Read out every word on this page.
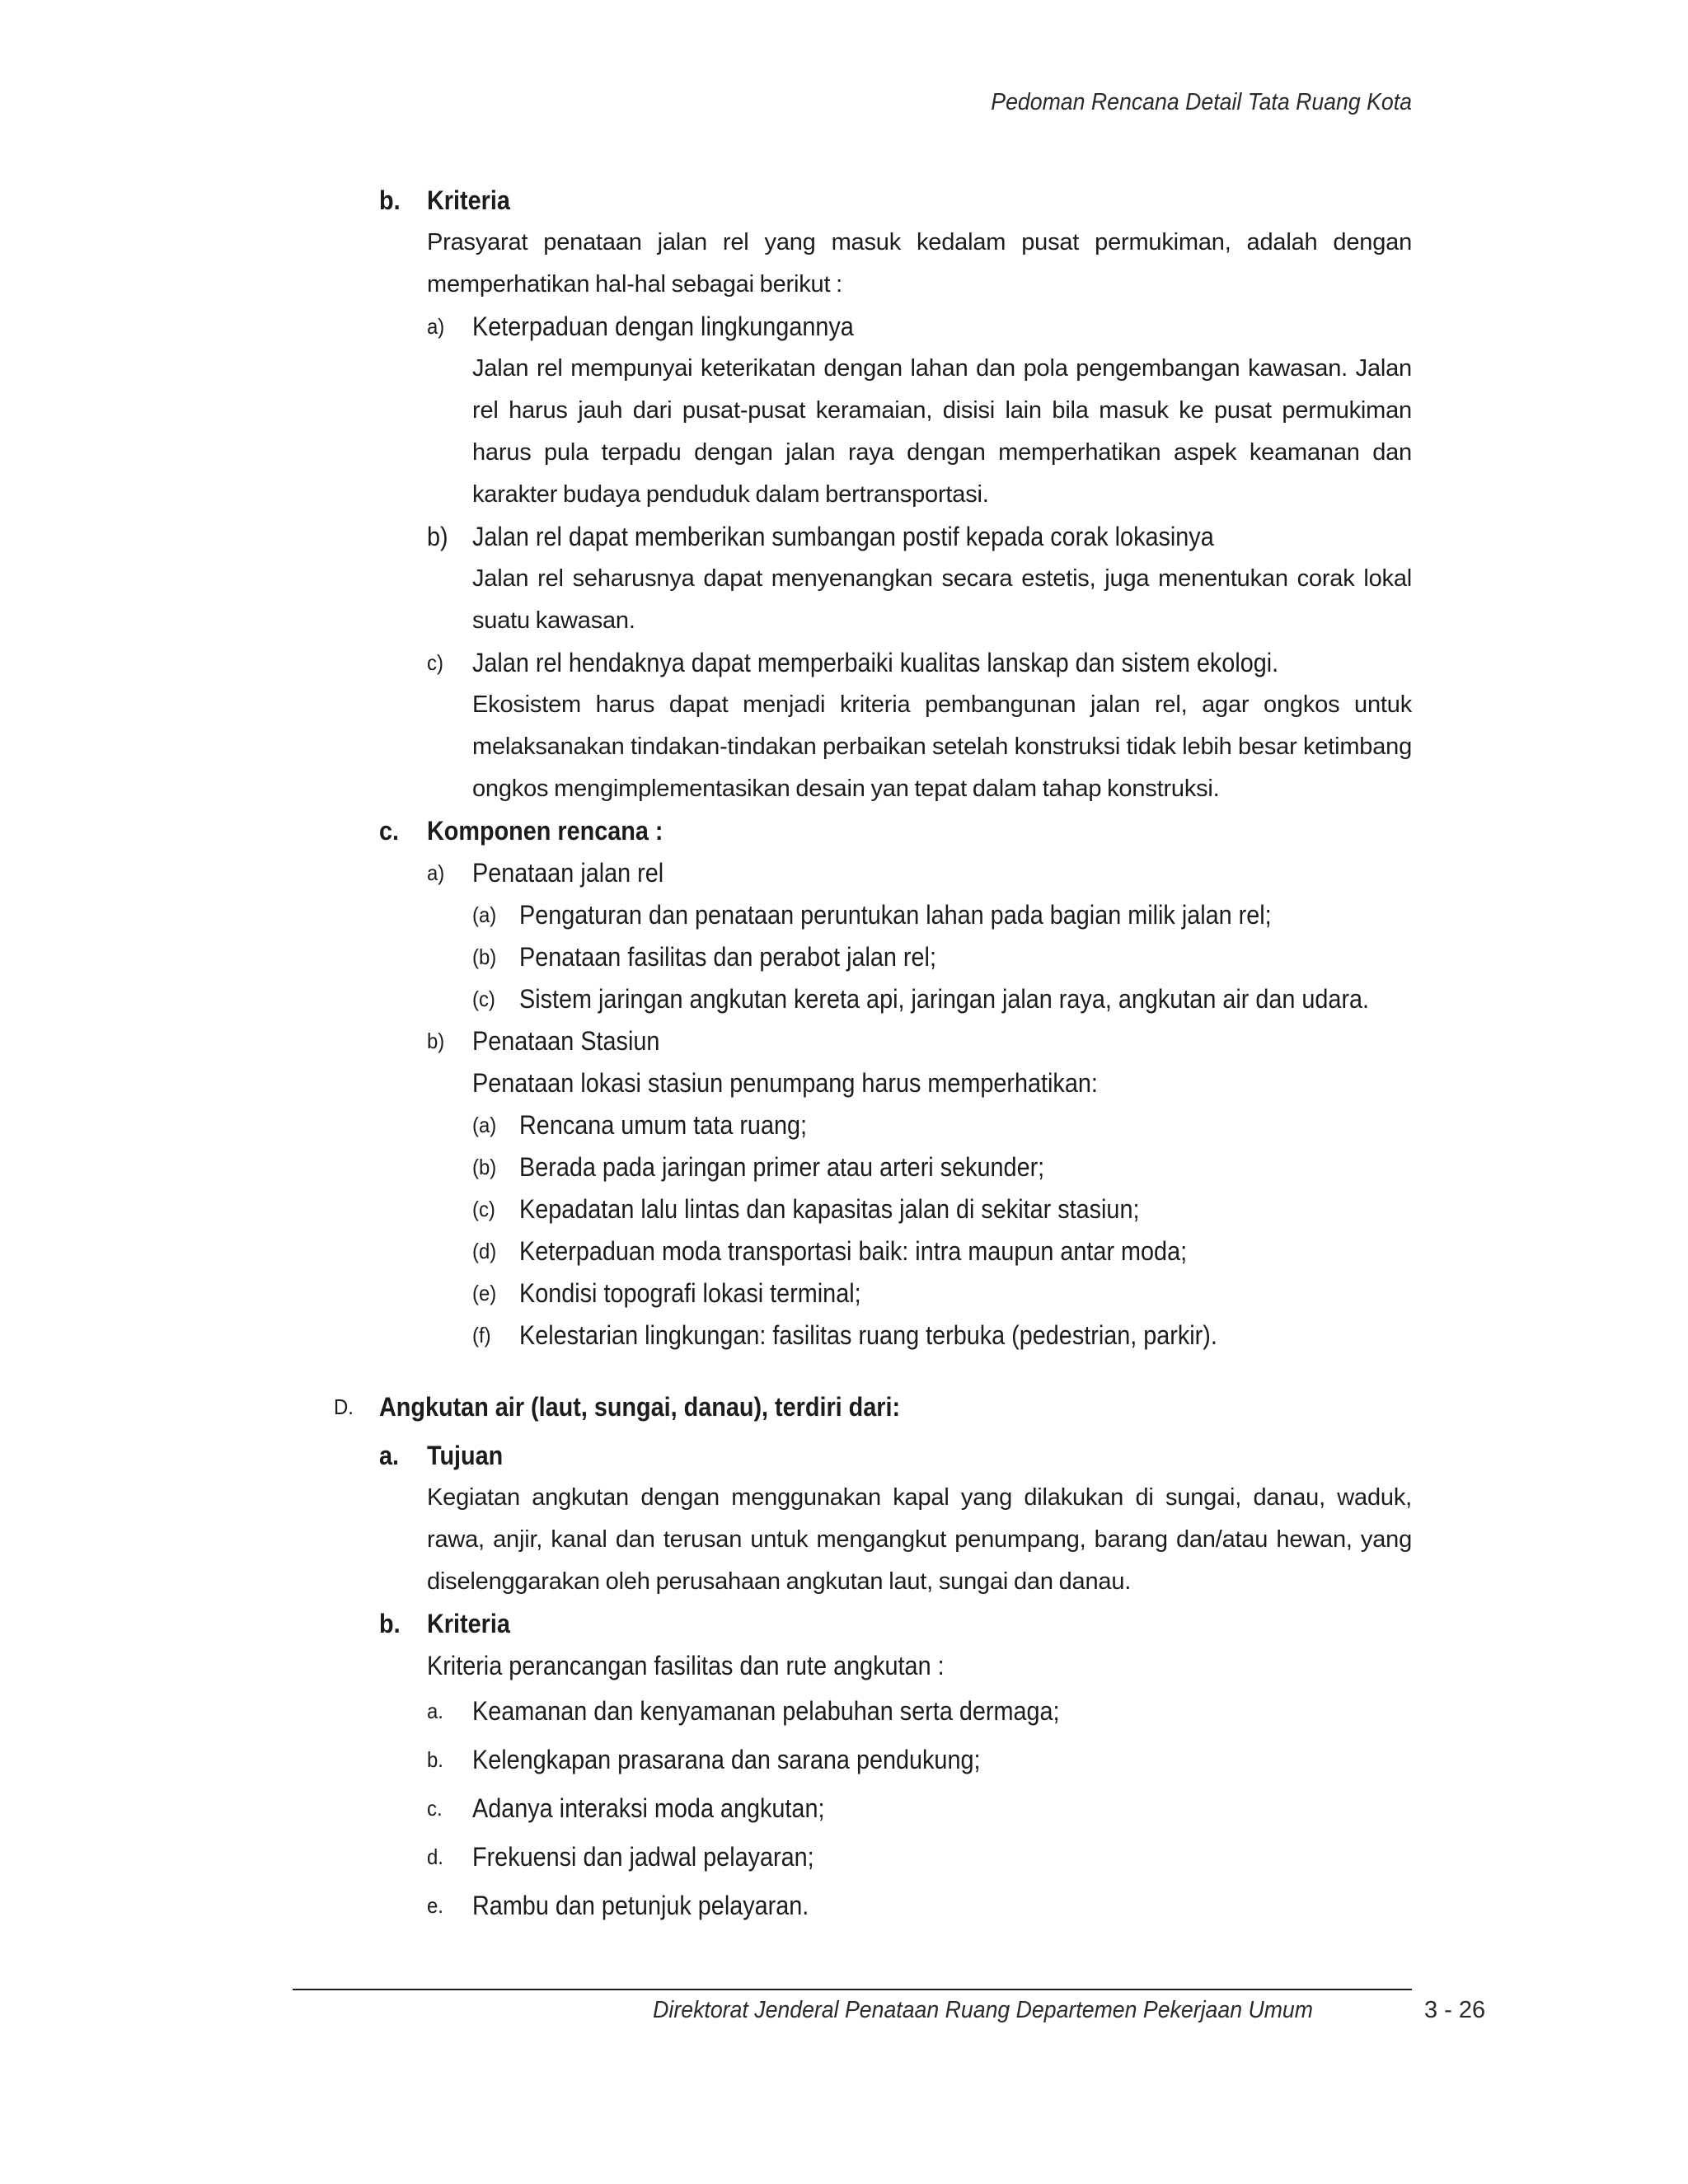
Pedoman Rencana Detail Tata Ruang Kota
b. Kriteria

Prasyarat penataan jalan rel yang masuk kedalam pusat permukiman, adalah dengan memperhatikan hal-hal sebagai berikut :

a) Keterpaduan dengan lingkungannya

Jalan rel mempunyai keterikatan dengan lahan dan pola pengembangan kawasan. Jalan rel harus jauh dari pusat-pusat keramaian, disisi lain bila masuk ke pusat permukiman harus pula terpadu dengan jalan raya dengan memperhatikan aspek keamanan dan karakter budaya penduduk dalam bertransportasi.

b) Jalan rel dapat memberikan sumbangan postif kepada corak lokasinya

Jalan rel seharusnya dapat menyenangkan secara estetis, juga menentukan corak lokal suatu kawasan.

c) Jalan rel hendaknya dapat memperbaiki kualitas lanskap dan sistem ekologi.

Ekosistem harus dapat menjadi kriteria pembangunan jalan rel, agar ongkos untuk melaksanakan tindakan-tindakan perbaikan setelah konstruksi tidak lebih besar ketimbang ongkos mengimplementasikan desain yan tepat dalam tahap konstruksi.

c. Komponen rencana :
a) Penataan jalan rel
(a) Pengaturan dan penataan peruntukan lahan pada bagian milik jalan rel;
(b) Penataan fasilitas dan perabot jalan rel;
(c) Sistem jaringan angkutan kereta api, jaringan jalan raya, angkutan air dan udara.
b) Penataan Stasiun
Penataan lokasi stasiun penumpang harus memperhatikan:
(a) Rencana umum tata ruang;
(b) Berada pada jaringan primer atau arteri sekunder;
(c) Kepadatan lalu lintas dan kapasitas jalan di sekitar stasiun;
(d) Keterpaduan moda transportasi baik: intra maupun antar moda;
(e) Kondisi topografi lokasi terminal;
(f) Kelestarian lingkungan: fasilitas ruang terbuka (pedestrian, parkir).
D. Angkutan air (laut, sungai, danau), terdiri dari:
a. Tujuan

Kegiatan angkutan dengan menggunakan kapal yang dilakukan di sungai, danau, waduk, rawa, anjir, kanal dan terusan untuk mengangkut penumpang, barang dan/atau hewan, yang diselenggarakan oleh perusahaan angkutan laut, sungai dan danau.

b. Kriteria
Kriteria perancangan fasilitas dan rute angkutan :
a. Keamanan dan kenyamanan pelabuhan serta dermaga;
b. Kelengkapan prasarana dan sarana pendukung;
c. Adanya interaksi moda angkutan;
d. Frekuensi dan jadwal pelayaran;
e. Rambu dan petunjuk pelayaran.
Direktorat Jenderal Penataan Ruang Departemen Pekerjaan Umum	3 - 26
